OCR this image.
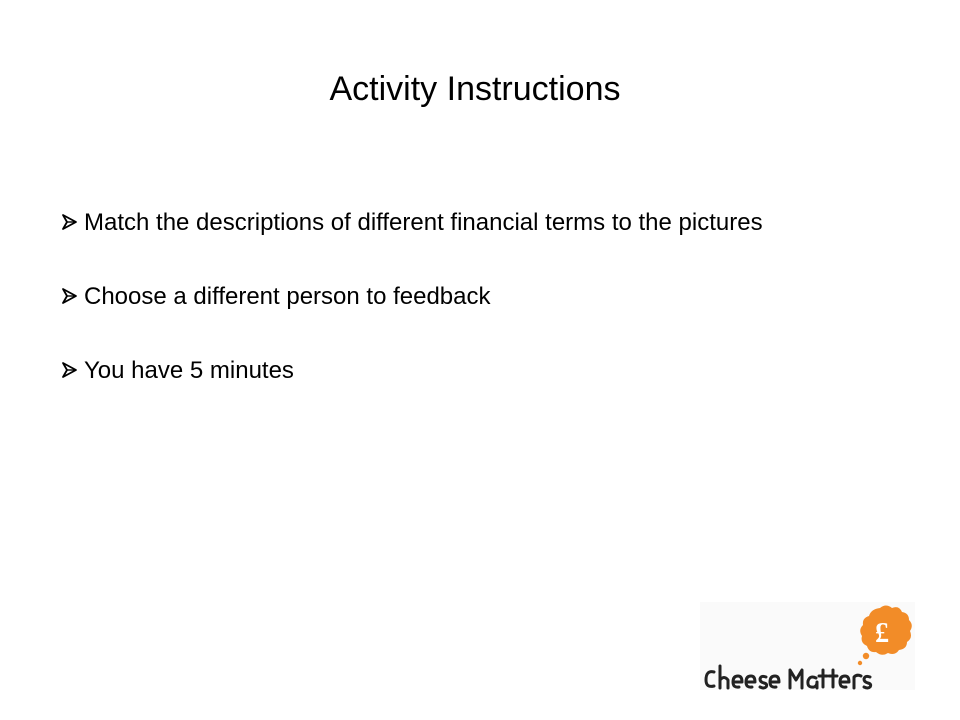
Activity Instructions
Match the descriptions of different financial terms to the pictures
Choose a different person to feedback
You have 5 minutes
£
